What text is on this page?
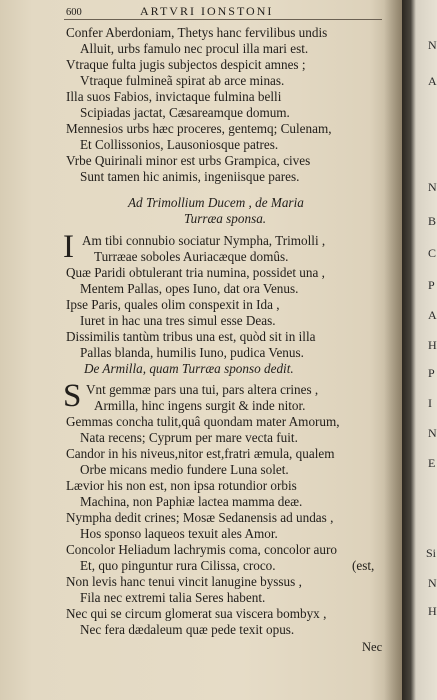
600	ARTVRI IONSTONI
Confer Aberdoniam, Thetys hanc fervilibus undis
Alluit, urbs famulo nec procul illa mari est.
Vtraque fulta jugis subjectos despicit amnes ;
Vtraque fulmineã spirat ab arce minas.
Illa suos Fabios, invictaque fulmina belli
Scipiadas jactat, Cæsareamque domum.
Mennesios urbs hæc proceres, gentemq; Culenam,
Et Collissonios, Lausoniosque patres.
Vrbe Quirinali minor est urbs Grampica, cives
Sunt tamen hic animis, ingeniisque pares.
Ad Trimollium Ducem , de Maria
Turræa sponsa.
I Am tibi connubio sociatur Nympha, Trimolli ,
Turræae soboles Auriacæque domûs.
Quæ Paridi obtulerant tria numina, possidet una ,
Mentem Pallas, opes Iuno, dat ora Venus.
Ipse Paris, quales olim conspexit in Ida ,
Iuret in hac una tres simul esse Deas.
Dissimilis tantùm tribus una est, quòd sit in illa
Pallas blanda, humilis Iuno, pudica Venus.
De Armilla, quam Turræa sponso dedit.
S Vnt gemmæ pars una tui, pars altera crines ,
Armilla, hinc ingens surgit & inde nitor.
Gemmas concha tulit,quâ quondam mater Amorum,
Nata recens; Cyprum per mare vecta fuit.
Candor in his niveus,nitor est,fratri æmula, qualem
Orbe micans medio fundere Luna solet.
Lævior his non est, non ipsa rotundior orbis
Machina, non Paphiæ lactea mamma deæ.
Nympha dedit crines; Mosæ Sedanensis ad undas ,
Hos sponso laqueos texuit ales Amor.
Concolor Heliadum lachrymis coma, concolor auro
Et, quo pinguntur rura Cilissa, croco.	(est,
Non levis hanc tenui vincit lanugine byssus ,
Fila nec extremi talia Seres habent.
Nec qui se circum glomerat sua viscera bombyx ,
Nec fera dædaleum quæ pede texit opus.
Nec
N
A
N
B
C
P
A
H
P
I
N
E
Si
N
H
